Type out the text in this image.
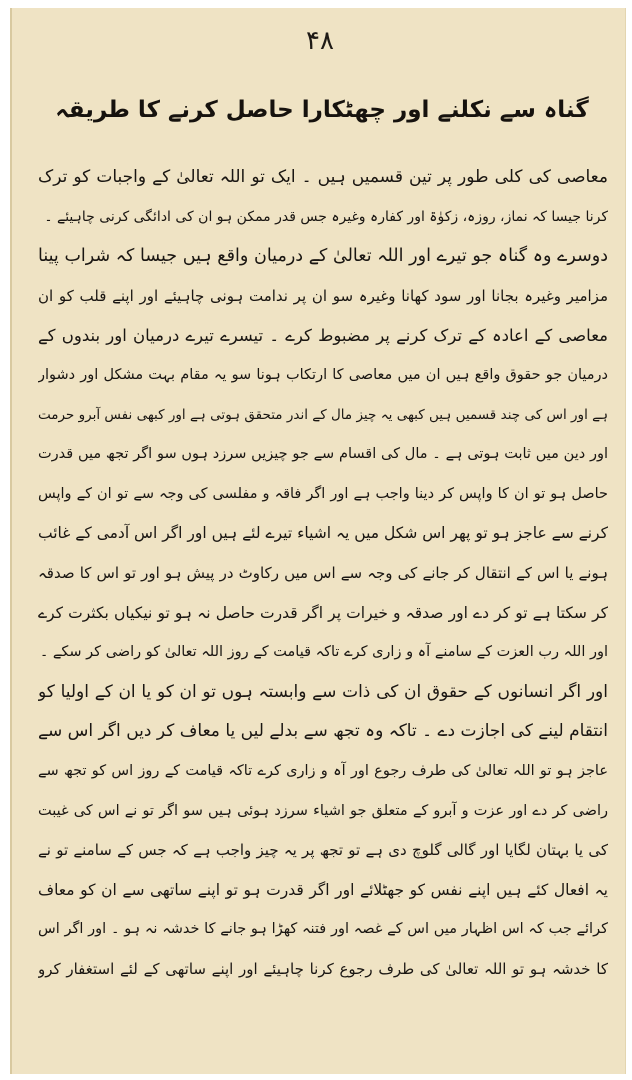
۴۸
گناہ سے نکلنے اور چھٹکارا حاصل کرنے کا طریقہ
معاصی کی کلی طور پر تین قسمیں ہیں ۔ ایک تو اللہ تعالیٰ کے واجبات کو ترک
کرنا جیسا کہ نماز، روزہ، زکوٰۃ اور کفارہ وغیرہ جس قدر ممکن ہو ان کی ادائگی کرنی چاہیئے ۔
دوسرے وہ گناہ جو تیرے اور اللہ تعالیٰ کے درمیان واقع ہیں جیسا کہ شراب پینا
مزامیر وغیرہ بجانا اور سود کھانا وغیرہ سو ان پر ندامت ہونی چاہیئے اور اپنے قلب کو ان
معاصی کے اعادہ کے ترک کرنے پر مضبوط کرے ۔ تیسرے تیرے درمیان اور بندوں کے
درمیان جو حقوق واقع ہیں ان میں معاصی کا ارتکاب ہونا سو یہ مقام بہت مشکل اور دشوار
ہے اور اس کی چند قسمیں ہیں کبھی یہ چیز مال کے اندر متحقق ہوتی ہے اور کبھی نفس آبرو حرمت
اور دین میں ثابت ہوتی ہے ۔ مال کی اقسام سے جو چیزیں سرزد ہوں سو اگر تجھ میں قدرت
حاصل ہو تو ان کا واپس کر دینا واجب ہے اور اگر فاقہ و مفلسی کی وجہ سے تو ان کے واپس
کرنے سے عاجز ہو تو پھر اس شکل میں یہ اشیاء تیرے لئے ہیں اور اگر اس آدمی کے غائب
ہونے یا اس کے انتقال کر جانے کی وجہ سے اس میں رکاوٹ در پیش ہو اور تو اس کا صدقہ
کر سکتا ہے تو کر دے اور صدقہ و خیرات پر اگر قدرت حاصل نہ ہو تو نیکیاں بکثرت کرے
اور اللہ رب العزت کے سامنے آہ و زاری کرے تاکہ قیامت کے روز اللہ تعالیٰ کو راضی کر سکے ۔
اور اگر انسانوں کے حقوق ان کی ذات سے وابستہ ہوں تو ان کو یا ان کے اولیا کو
انتقام لینے کی اجازت دے ۔ تاکہ وہ تجھ سے بدلے لیں یا معاف کر دیں اگر اس سے
عاجز ہو تو اللہ تعالیٰ کی طرف رجوع اور آہ و زاری کرے تاکہ قیامت کے روز اس کو تجھ سے
راضی کر دے اور عزت و آبرو کے متعلق جو اشیاء سرزد ہوئی ہیں سو اگر تو نے اس کی غیبت
کی یا بہتان لگایا اور گالی گلوچ دی ہے تو تجھ پر یہ چیز واجب ہے کہ جس کے سامنے تو نے
یہ افعال کئے ہیں اپنے نفس کو جھٹلائے اور اگر قدرت ہو تو اپنے ساتھی سے ان کو معاف
کرائے جب کہ اس اظہار میں اس کے غصہ اور فتنہ کھڑا ہو جانے کا خدشہ نہ ہو ۔ اور اگر اس
کا خدشہ ہو تو اللہ تعالیٰ کی طرف رجوع کرنا چاہیئے اور اپنے ساتھی کے لئے استغفار کرو
